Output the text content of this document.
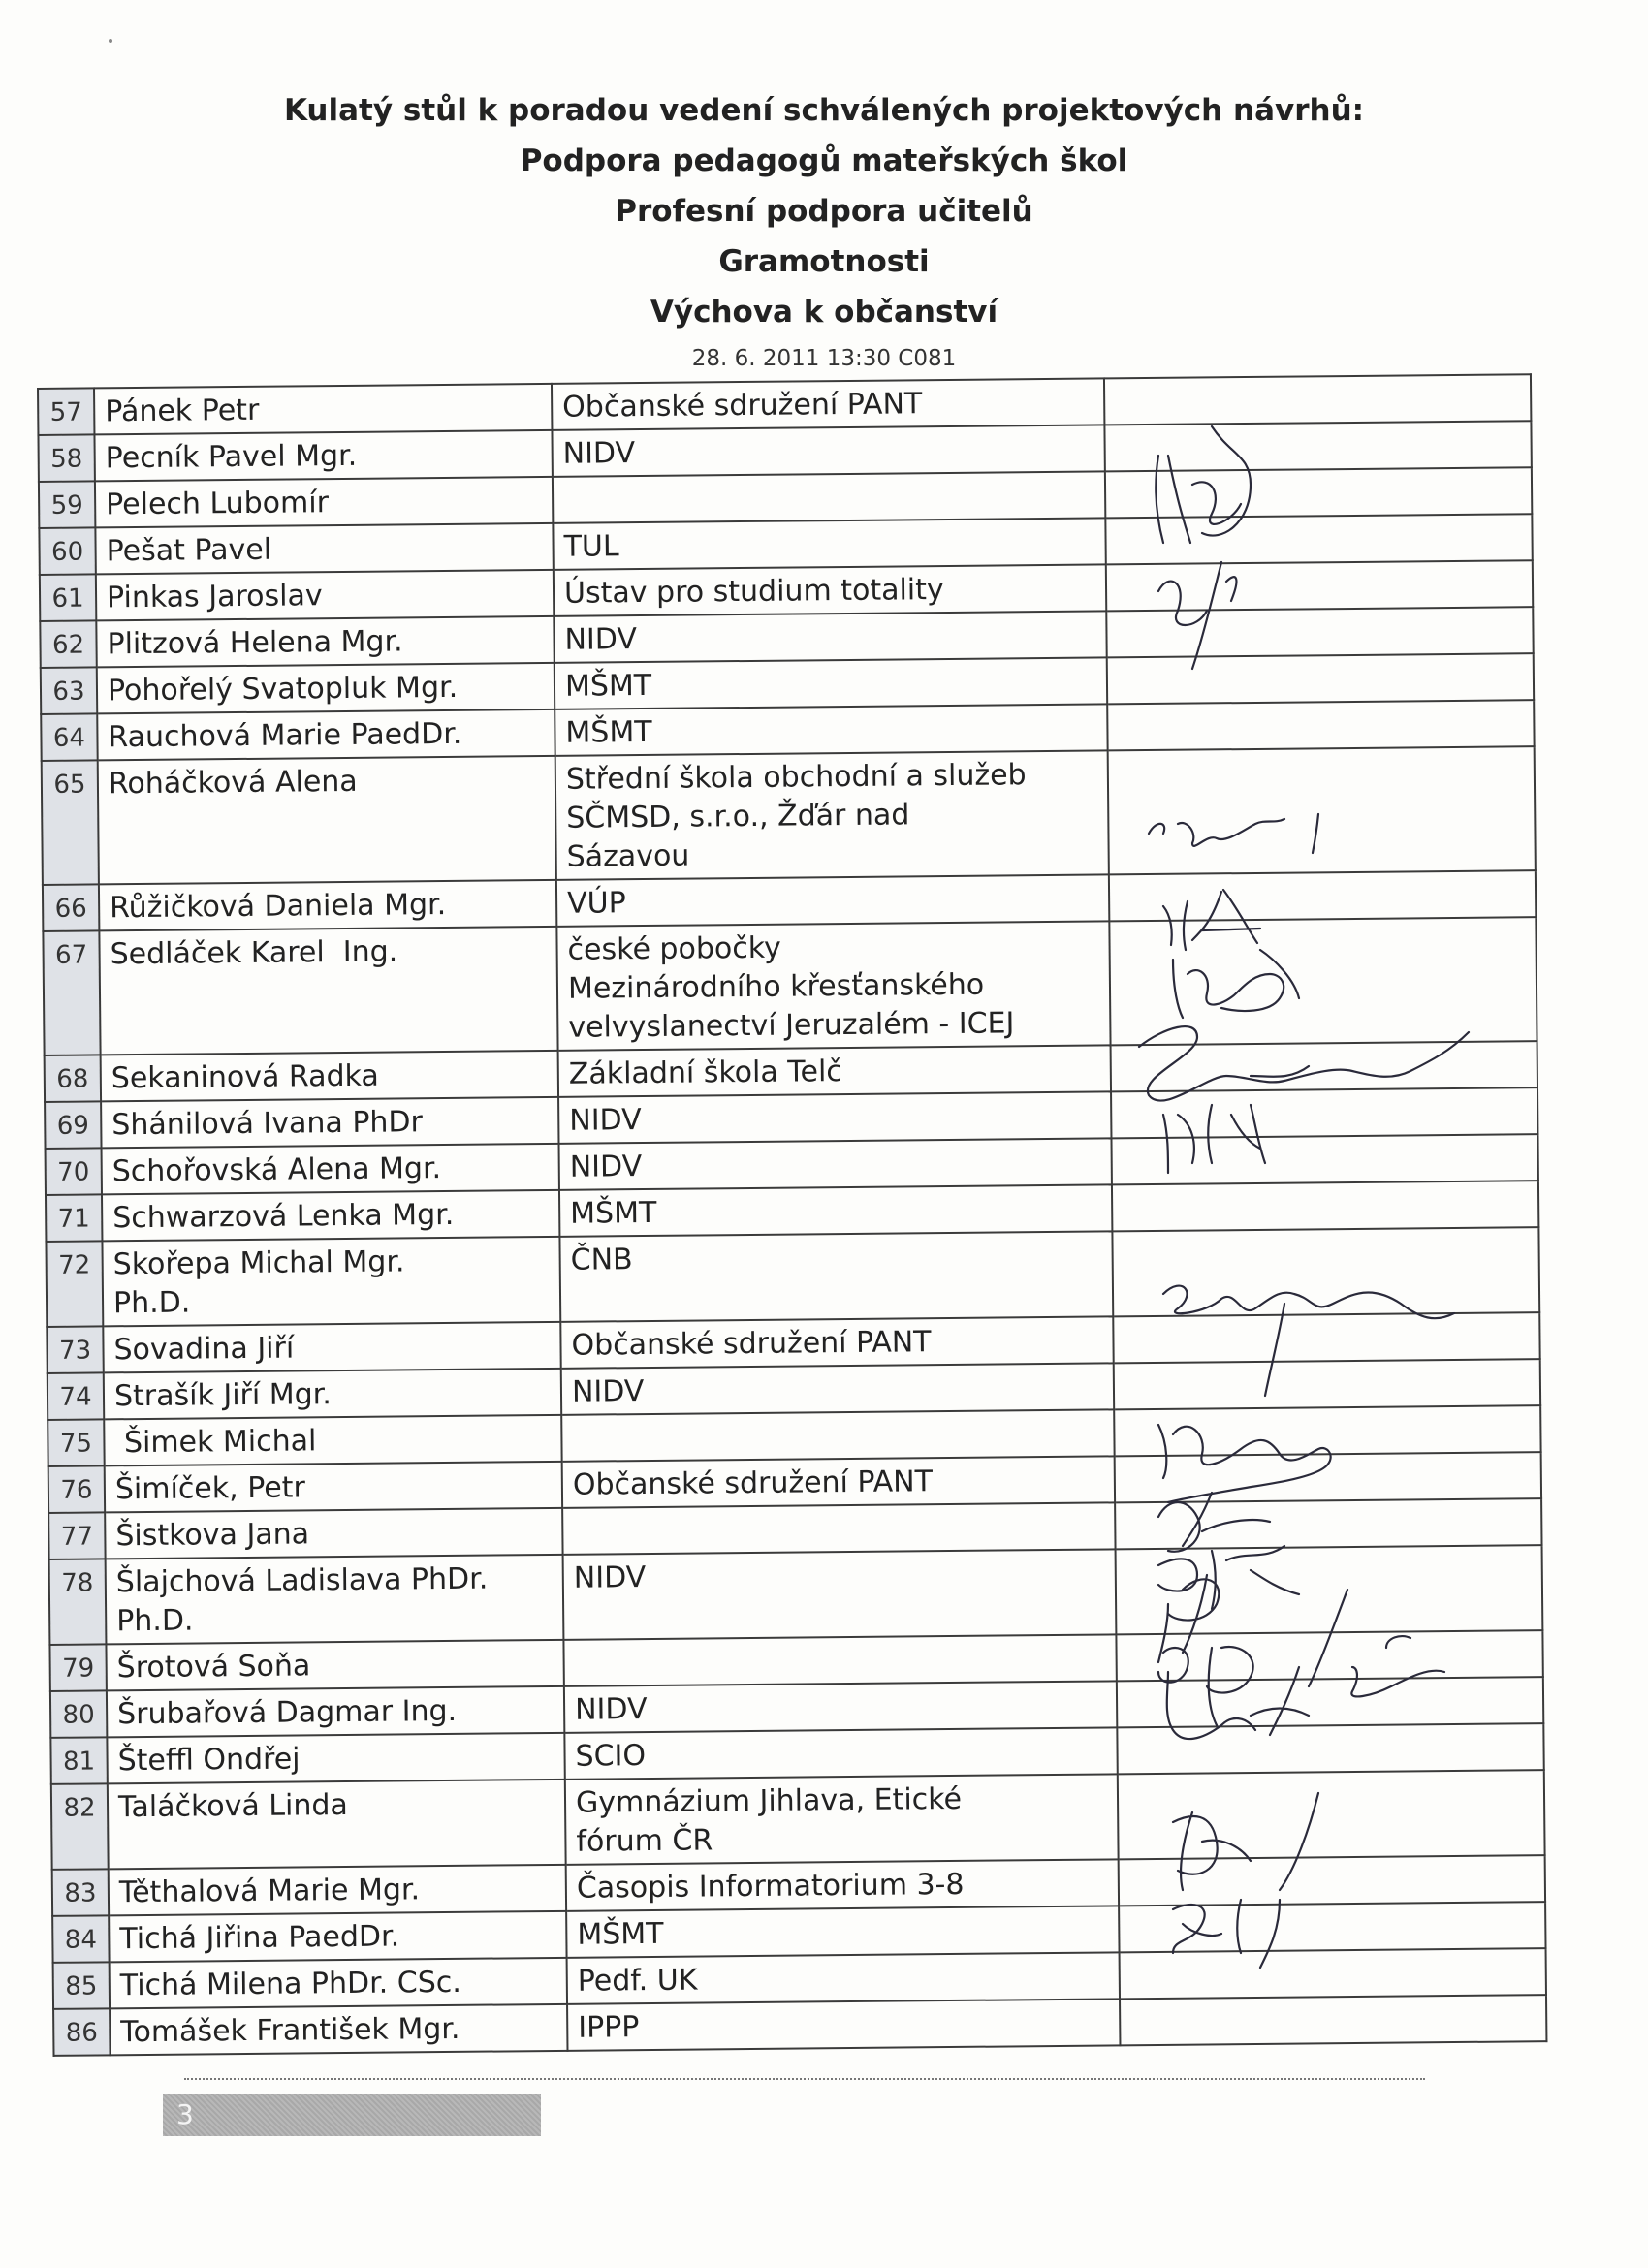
Kulatý stůl k poradou vedení schválených projektových návrhů:
Podpora pedagogů mateřských škol
Profesní podpora učitelů
Gramotnosti
Výchova k občanství
28. 6. 2011 13:30 C081
57	Pánek Petr	Občanské sdružení PANT	

58	Pecník Pavel Mgr.	NIDV	

59	Pelech Lubomír		

60	Pešat Pavel	TUL	

61	Pinkas Jaroslav	Ústav pro studium totality	

62	Plitzová Helena Mgr.	NIDV	

63	Pohořelý Svatopluk Mgr.	MŠMT	

64	Rauchová Marie PaedDr.	MŠMT	

65	Roháčková Alena	Střední škola obchodní a služeb
SČMSD, s.r.o., Žďár nad
Sázavou	

66	Růžičková Daniela Mgr.	VÚP	

67	Sedláček Karel  Ing.	české pobočky
Mezinárodního křesťanského
velvyslanectví Jeruzalém - ICEJ	

68	Sekaninová Radka	Základní škola Telč	

69	Shánilová Ivana PhDr	NIDV	

70	Schořovská Alena Mgr.	NIDV	

71	Schwarzová Lenka Mgr.	MŠMT	

72	Skořepa Michal Mgr.
Ph.D.	ČNB	

73	Sovadina Jiří	Občanské sdružení PANT	

74	Strašík Jiří Mgr.	NIDV	

75	Šimek Michal		

76	Šimíček, Petr	Občanské sdružení PANT	

77	Šistkova Jana		

78	Šlajchová Ladislava PhDr.
Ph.D.	NIDV	

79	Šrotová Soňa		

80	Šrubařová Dagmar Ing.	NIDV	

81	Šteffl Ondřej	SCIO	

82	Taláčková Linda	Gymnázium Jihlava, Etické
fórum ČR	

83	Těthalová Marie Mgr.	Časopis Informatorium 3-8	

84	Tichá Jiřina PaedDr.	MŠMT	

85	Tichá Milena PhDr. CSc.	Pedf. UK	

86	Tomášek František Mgr.	IPPP	

3
